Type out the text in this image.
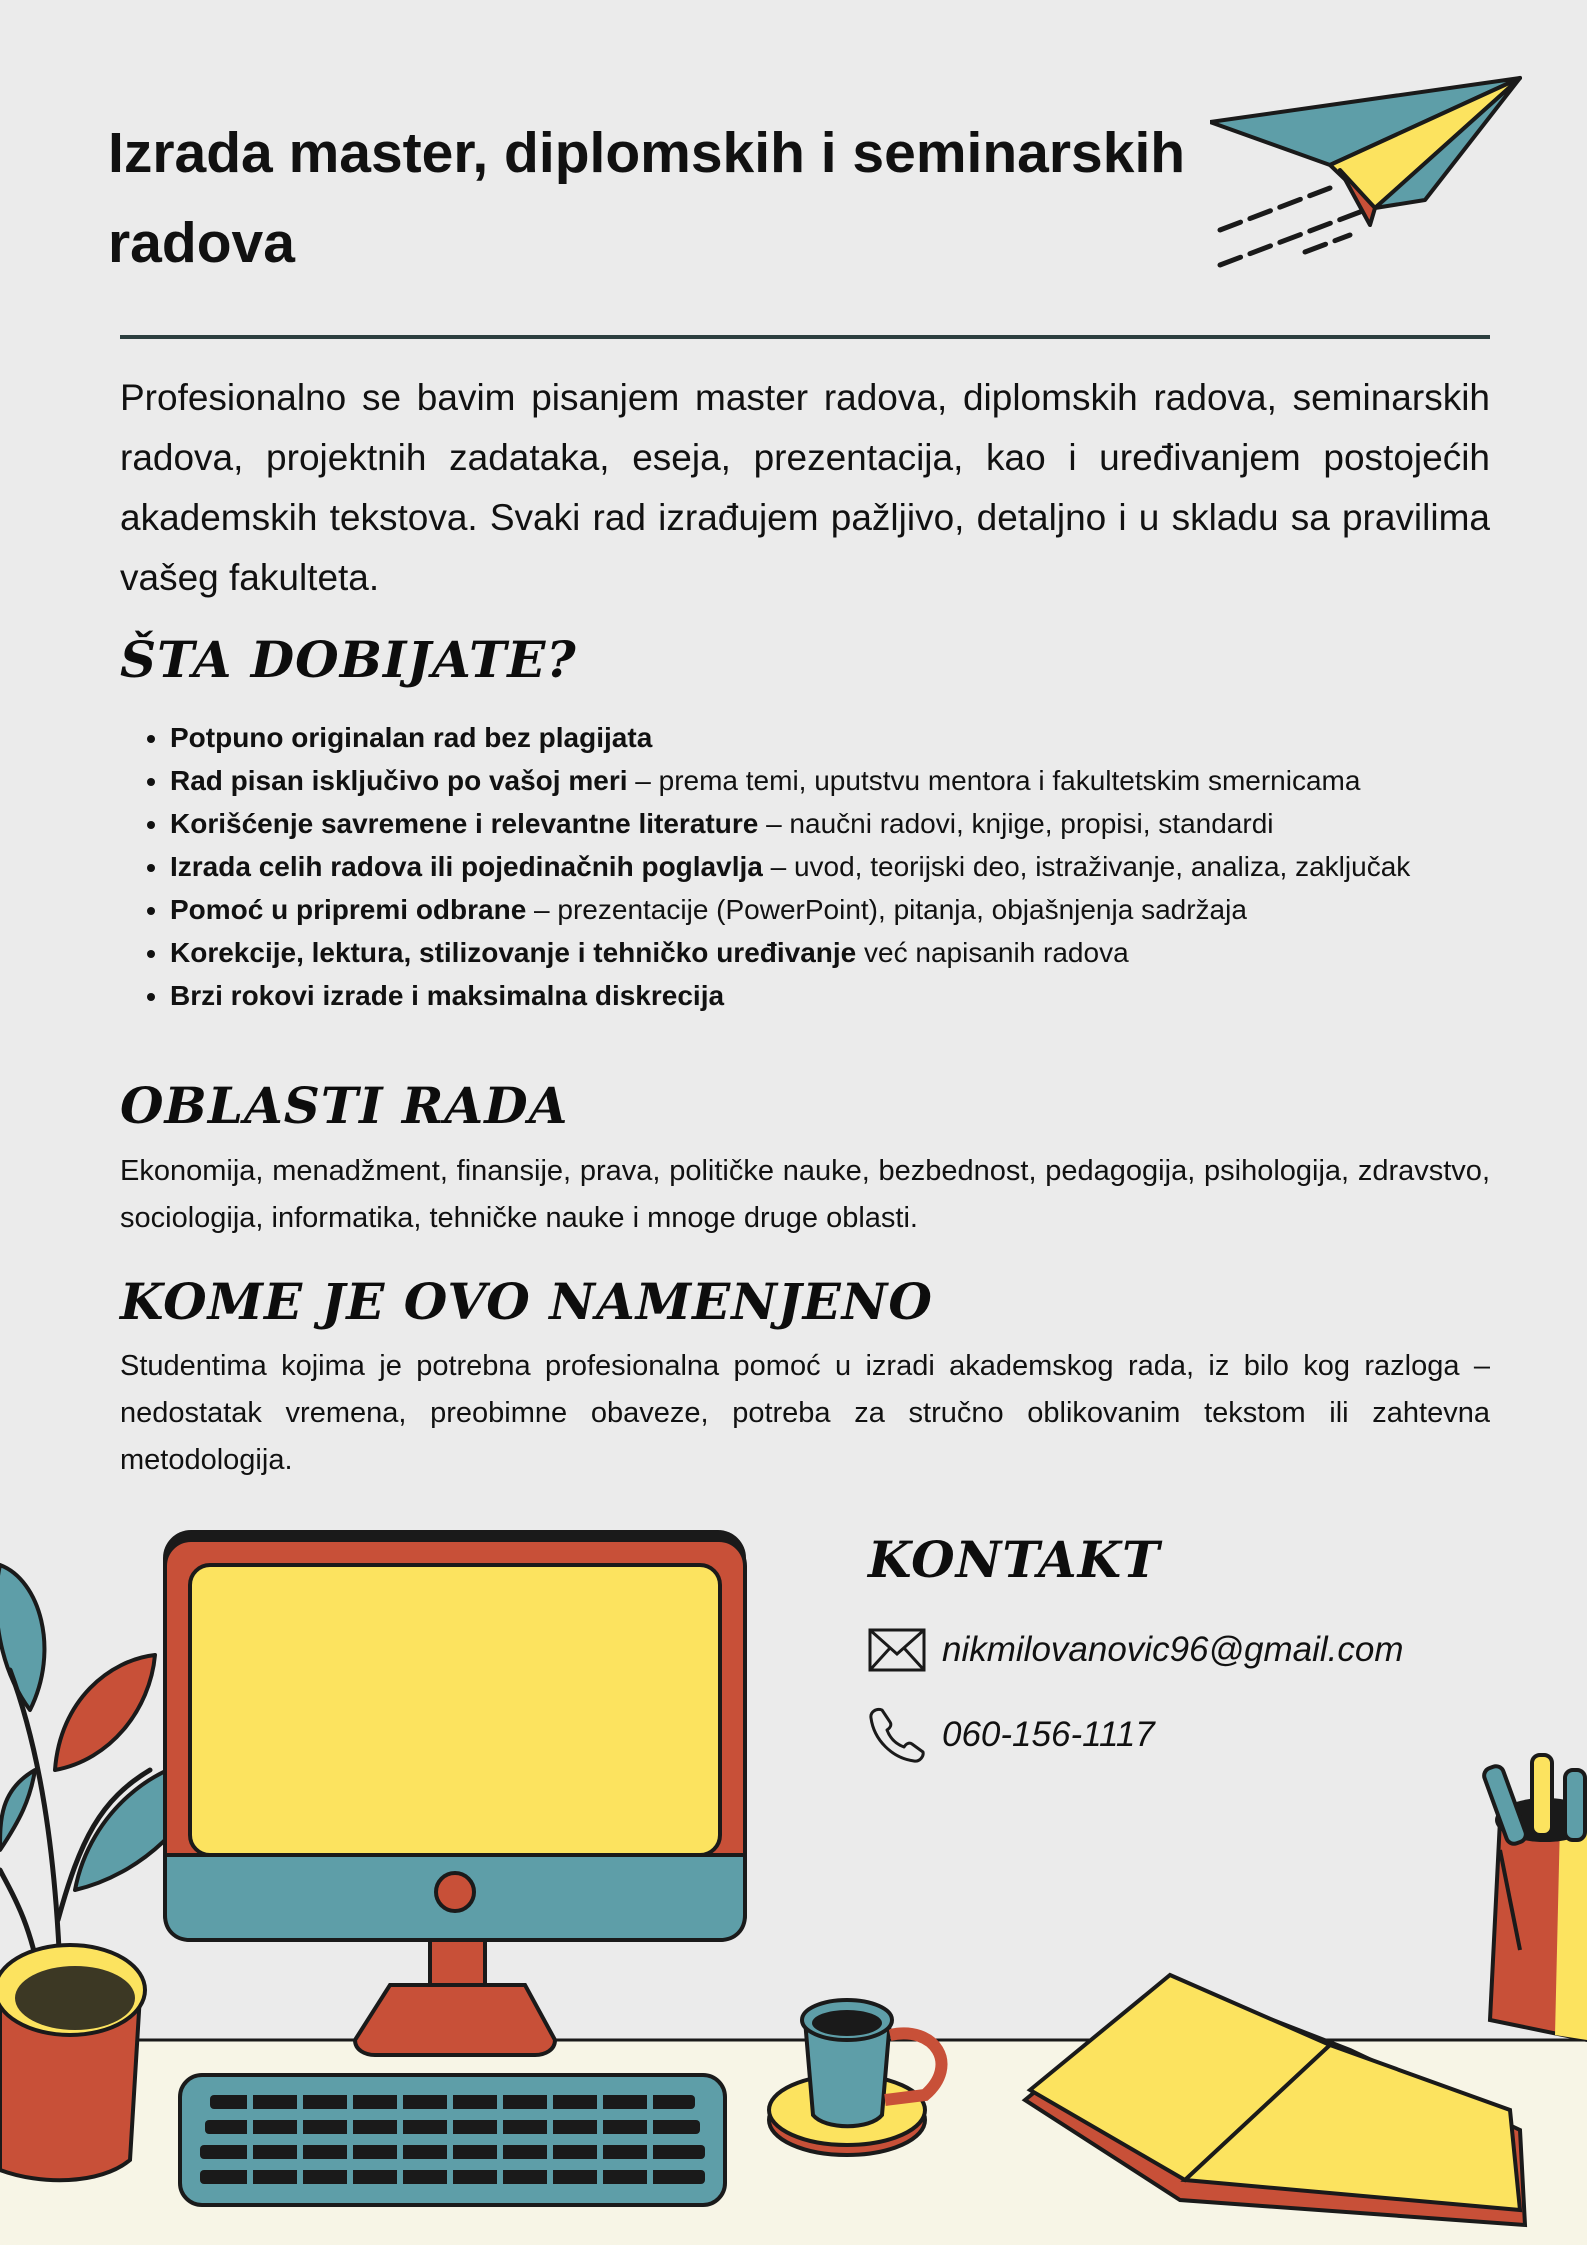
Izrada master, diplomskih i seminarskih
radova

Profesionalno se bavim pisanjem master radova, diplomskih radova, seminarskih radova, projektnih zadataka, eseja, prezentacija, kao i uređivanjem postojećih akademskih tekstova. Svaki rad izrađujem pažljivo, detaljno i u skladu sa pravilima vašeg fakulteta.

ŠTA DOBIJATE?
• Potpuno originalan rad bez plagijata
• Rad pisan isključivo po vašoj meri – prema temi, uputstvu mentora i fakultetskim smernicama
• Korišćenje savremene i relevantne literature – naučni radovi, knjige, propisi, standardi
• Izrada celih radova ili pojedinačnih poglavlja – uvod, teorijski deo, istraživanje, analiza, zaključak
• Pomoć u pripremi odbrane – prezentacije (PowerPoint), pitanja, objašnjenja sadržaja
• Korekcije, lektura, stilizovanje i tehničko uređivanje već napisanih radova
• Brzi rokovi izrade i maksimalna diskrecija
OBLASTI RADA

Ekonomija, menadžment, finansije, prava, političke nauke, bezbednost, pedagogija, psihologija, zdravstvo, sociologija, informatika, tehničke nauke i mnoge druge oblasti.

KOME JE OVO NAMENJENO

Studentima kojima je potrebna profesionalna pomoć u izradi akademskog rada, iz bilo kog razloga – nedostatak vremena, preobimne obaveze, potreba za stručno oblikovanim tekstom ili zahtevna metodologija.

KONTAKT
nikmilovanovic96@gmail.com
060-156-1117
